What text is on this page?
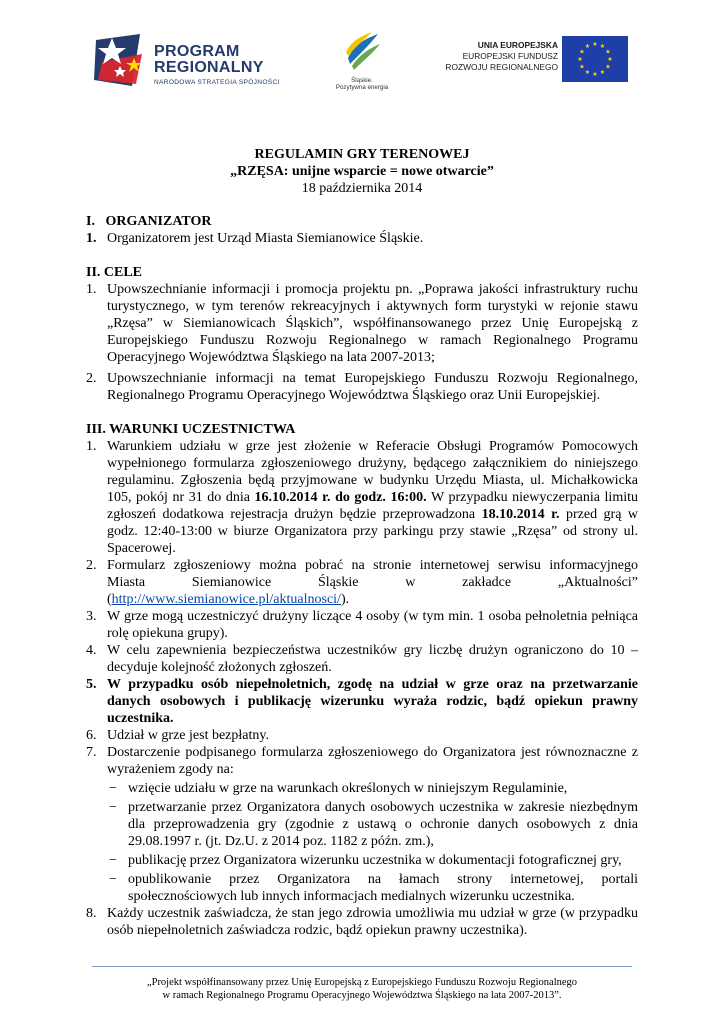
PROGRAM
REGIONALNY
NARODOWA STRATEGIA SPÓJNOŚCI	Śląskie.
Pozytywna energia
UNIA EUROPEJSKA
EUROPEJSKI FUNDUSZ
ROZWOJU REGIONALNEGO
★ ★
★
★
★
★
★
★
★
★
★
★
REGULAMIN GRY TERENOWEJ
„RZĘSA: unijne wsparcie = nowe otwarcie”
18 października 2014
I.   ORGANIZATOR
1. Organizatorem jest Urząd Miasta Siemianowice Śląskie.
II. CELE
1. Upowszechnianie informacji i promocja projektu pn. „Poprawa jakości infrastruktury ruchu turystycznego, w tym terenów rekreacyjnych i aktywnych form turystyki w rejonie stawu „Rzęsa” w Siemianowicach Śląskich”, współfinansowanego przez Unię Europejską z Europejskiego Funduszu Rozwoju Regionalnego w ramach Regionalnego Programu Operacyjnego Województwa Śląskiego na lata 2007-2013;
2. Upowszechnianie informacji na temat Europejskiego Funduszu Rozwoju Regionalnego, Regionalnego Programu Operacyjnego Województwa Śląskiego oraz Unii Europejskiej.
III. WARUNKI UCZESTNICTWA
1. Warunkiem udziału w grze jest złożenie w Referacie Obsługi Programów Pomocowych wypełnionego formularza zgłoszeniowego drużyny, będącego załącznikiem do niniejszego regulaminu. Zgłoszenia będą przyjmowane w budynku Urzędu Miasta, ul. Michałkowicka 105, pokój nr 31 do dnia 16.10.2014 r. do godz. 16:00. W przypadku niewyczerpania limitu zgłoszeń dodatkowa rejestracja drużyn będzie przeprowadzona 18.10.2014 r. przed grą w godz. 12:40-13:00 w biurze Organizatora przy parkingu przy stawie „Rzęsa” od strony ul. Spacerowej.
2. Formularz zgłoszeniowy można pobrać na stronie internetowej serwisu informacyjnego
Miasta	Siemianowice	Śląskie	w	zakładce	„Aktualności”
(http://www.siemianowice.pl/aktualnosci/).
3. W grze mogą uczestniczyć drużyny liczące 4 osoby (w tym min. 1 osoba pełnoletnia pełniąca rolę opiekuna grupy).
4. W celu zapewnienia bezpieczeństwa uczestników gry liczbę drużyn ograniczono do 10 – decyduje kolejność złożonych zgłoszeń.
5. W przypadku osób niepełnoletnich, zgodę na udział w grze oraz na przetwarzanie danych osobowych i publikację wizerunku wyraża rodzic, bądź opiekun prawny uczestnika.
6. Udział w grze jest bezpłatny.
7. Dostarczenie podpisanego formularza zgłoszeniowego do Organizatora jest równoznaczne z wyrażeniem zgody na:
− wzięcie udziału w grze na warunkach określonych w niniejszym Regulaminie,
− przetwarzanie przez Organizatora danych osobowych uczestnika w zakresie niezbędnym dla przeprowadzenia gry (zgodnie z ustawą o ochronie danych osobowych z dnia 29.08.1997 r. (jt. Dz.U. z 2014 poz. 1182 z późn. zm.),
− publikację przez Organizatora wizerunku uczestnika w dokumentacji fotograficznej gry,
− opublikowanie przez Organizatora na łamach strony internetowej, portali społecznościowych lub innych informacjach medialnych wizerunku uczestnika.
8. Każdy uczestnik zaświadcza, że stan jego zdrowia umożliwia mu udział w grze (w przypadku osób niepełnoletnich zaświadcza rodzic, bądź opiekun prawny uczestnika).
„Projekt współfinansowany przez Unię Europejską z Europejskiego Funduszu Rozwoju Regionalnego
w ramach Regionalnego Programu Operacyjnego Województwa Śląskiego na lata 2007-2013”.
